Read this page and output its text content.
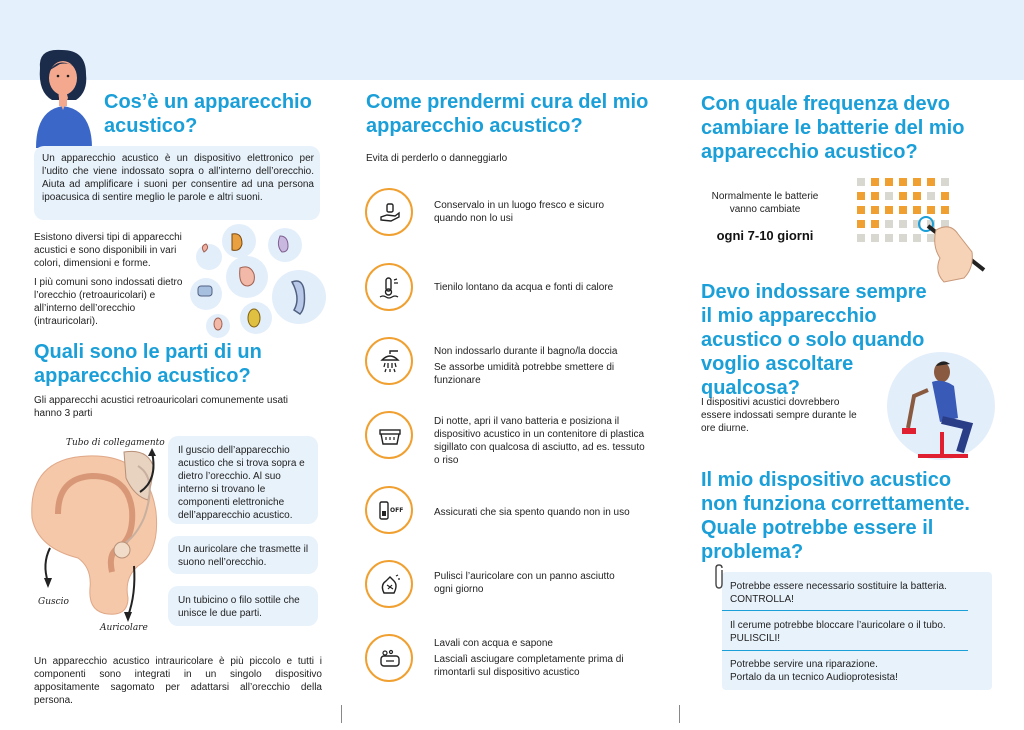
Cos’è un apparecchio acustico?
Un apparecchio acustico è un dispositivo elettronico per l’udito che viene indossato sopra o all’interno dell’orecchio. Aiuta ad amplificare i suoni per consentire ad una persona ipoacusica di sentire meglio le parole e altri suoni.
Esistono diversi tipi di apparecchi acustici e sono disponibili in vari colori, dimensioni e forme.
I più comuni sono indossati dietro l’orecchio (retroauricolari) e all’interno dell’orecchio (intrauricolari).
Quali sono le parti di un apparecchio acustico?
Gli apparecchi acustici retroauricolari comunemente usati hanno 3 parti
Tubo di collegamento
Guscio
Auricolare
Il guscio dell’apparecchio acustico che si trova sopra e dietro l’orecchio. Al suo interno si trovano le componenti elettroniche dell’apparecchio acustico.
Un auricolare che trasmette il suono nell’orecchio.
Un tubicino o filo sottile che unisce le due parti.
Un apparecchio acustico intrauricolare è più piccolo e tutti i componenti sono integrati in un singolo dispositivo appositamente sagomato per adattarsi all’orecchio della persona.
Come prendermi cura del mio apparecchio acustico?
Evita di perderlo o danneggiarlo
Conservalo in un luogo fresco e sicuro quando non lo usi
Tienilo lontano da acqua e fonti di calore
Non indossarlo durante il bagno/la doccia
Se assorbe umidità potrebbe smettere di funzionare
Di notte, apri il vano batteria e posiziona il dispositivo acustico in un contenitore di plastica sigillato con qualcosa di asciutto, ad es. tessuto o riso
OFF	Assicurati che sia spento quando non in uso
Pulisci l’auricolare con un panno asciutto ogni giorno
Lavali con acqua e sapone
Lascialì asciugare completamente prima di rimontarli sul dispositivo acustico
Con quale frequenza devo cambiare le batterie del mio apparecchio acustico?
Normalmente le batterie vanno cambiate
ogni 7-10 giorni
Devo indossare sempre il mio apparecchio acustico o solo quando voglio ascoltare qualcosa?
I dispositivi acustici dovrebbero essere indossati sempre durante le ore diurne.
Il mio dispositivo acustico non funziona correttamente. Quale potrebbe essere il problema?
Potrebbe essere necessario sostituire la batteria.
CONTROLLA!
Il cerume potrebbe bloccare l’auricolare o il tubo.
PULISCILI!
Potrebbe servire una riparazione.
Portalo da un tecnico Audioprotesista!
